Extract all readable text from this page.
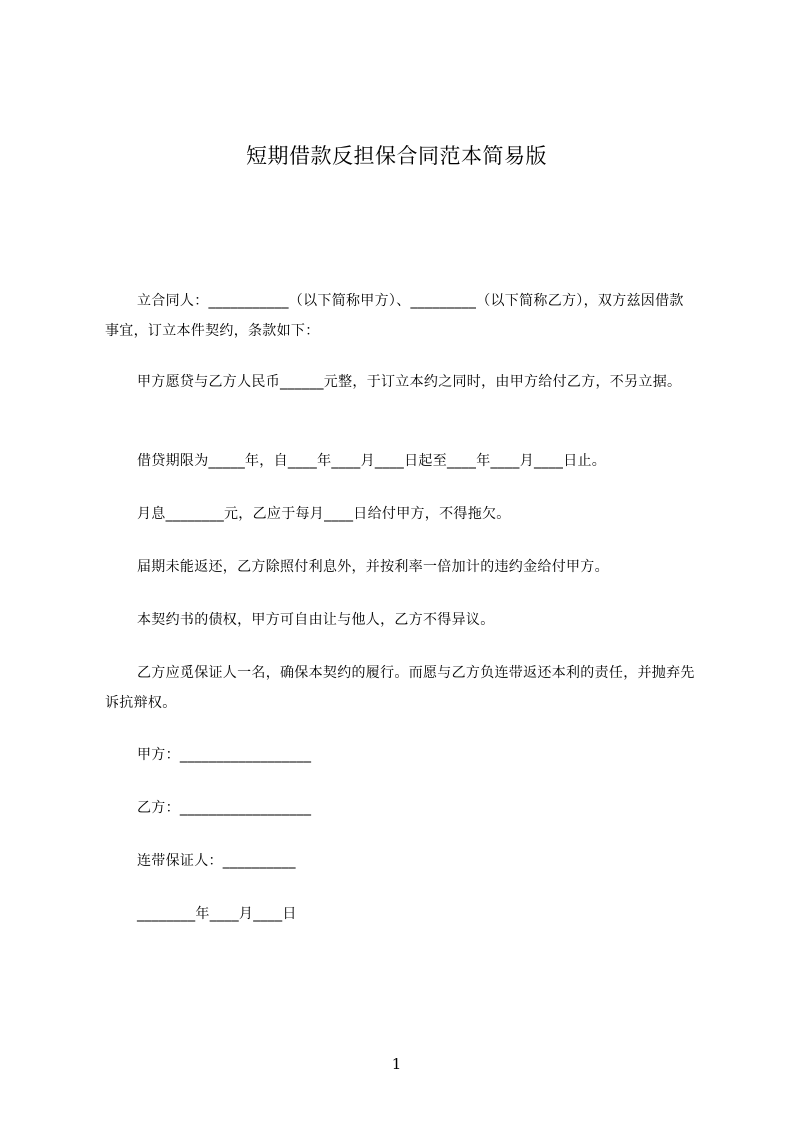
短期借款反担保合同范本简易版
立合同人：___________（以下简称甲方）、_________（以下简称乙方），双方兹因借款事宜，订立本件契约，条款如下：
甲方愿贷与乙方人民币______元整，于订立本约之同时，由甲方给付乙方，不另立据。
借贷期限为_____年，自____年____月____日起至____年____月____日止。
月息________元，乙应于每月____日给付甲方，不得拖欠。
届期未能返还，乙方除照付利息外，并按利率一倍加计的违约金给付甲方。
本契约书的债权，甲方可自由让与他人，乙方不得异议。
乙方应觅保证人一名，确保本契约的履行。而愿与乙方负连带返还本利的责任，并抛弃先诉抗辩权。
甲方：__________________
乙方：__________________
连带保证人：__________
________年____月____日
1
